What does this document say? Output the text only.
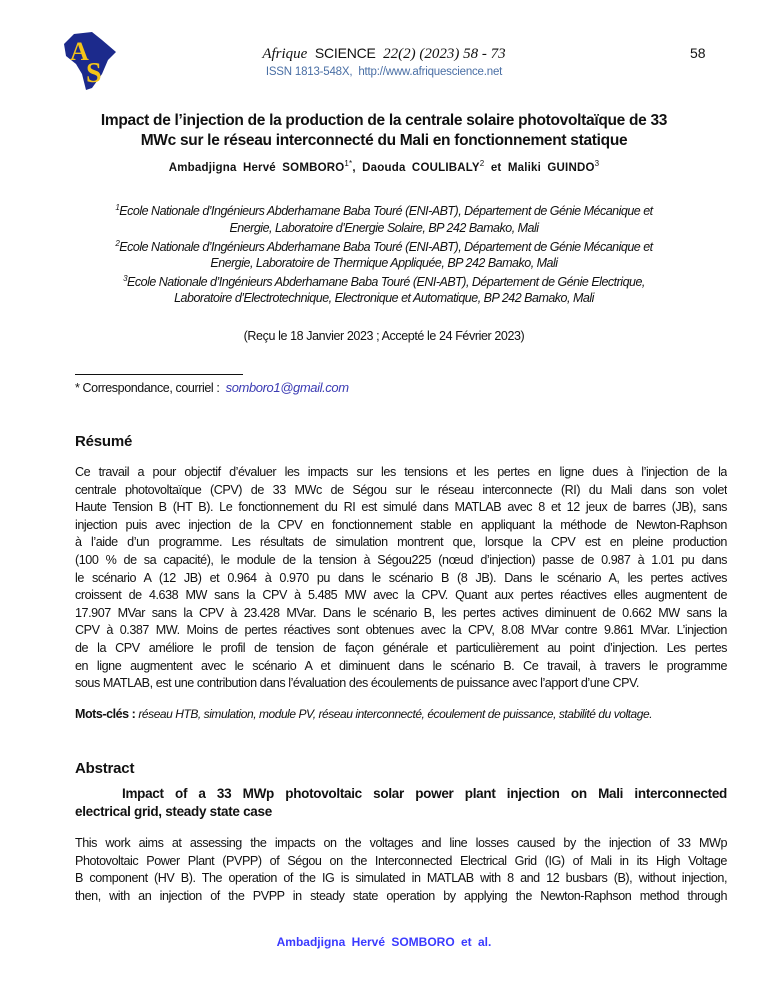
A
S
Afrique SCIENCE 22(2) (2023) 58 - 73
ISSN 1813-548X, http://www.afriquescience.net
58
Impact de l’injection de la production de la centrale solaire photovoltaïque de 33
MWc sur le réseau interconnecté du Mali en fonctionnement statique
Ambadjigna Hervé $SOMBORO^{1*}$, Daouda COULIBALY$^2$ et Maliki GUINDO$^3$
$^1$Ecole Nationale d’Ingénieurs Abderhamane Baba Touré (ENI-ABT), Département de Génie Mécanique et
Energie, Laboratoire d’Energie Solaire, BP 242 Bamako, Mali
$^2$Ecole Nationale d’Ingénieurs Abderhamane Baba Touré (ENI-ABT), Département de Génie Mécanique et
Energie, Laboratoire de Thermique Appliquée, BP 242 Bamako, Mali
$^3$Ecole Nationale d’Ingénieurs Abderhamane Baba Touré (ENI-ABT), Département de Génie Electrique,
Laboratoire d’Electrotechnique, Electronique et Automatique, BP 242 Bamako, Mali
(Reçu le 18 Janvier 2023 ; Accepté le 24 Février 2023)
* Correspondance, courriel : somboro1@gmail.com
Résumé
Ce travail a pour objectif d’évaluer les impacts sur les tensions et les pertes en ligne dues à l’injection de la
centrale photovoltaïque (CPV) de 33 MWc de Ségou sur le réseau interconnecte (RI) du Mali dans son volet
Haute Tension B (HT B). Le fonctionnement du RI est simulé dans MATLAB avec 8 et 12 jeux de barres (JB), sans
injection puis avec injection de la CPV en fonctionnement stable en appliquant la méthode de Newton-Raphson
à l’aide d’un programme. Les résultats de simulation montrent que, lorsque la CPV est en pleine production
(100 % de sa capacité), le module de la tension à Ségou225 (nœud d’injection) passe de 0.987 à 1.01 pu dans
le scénario A (12 JB) et 0.964 à 0.970 pu dans le scénario B (8 JB). Dans le scénario A, les pertes actives
croissent de 4.638 MW sans la CPV à 5.485 MW avec la CPV. Quant aux pertes réactives elles augmentent de
17.907 MVar sans la CPV à 23.428 MVar. Dans le scénario B, les pertes actives diminuent de 0.662 MW sans la
CPV à 0.387 MW. Moins de pertes réactives sont obtenues avec la CPV, 8.08 MVar contre 9.861 MVar. L’injection
de la CPV améliore le profil de tension de façon générale et particulièrement au point d’injection. Les pertes
en ligne augmentent avec le scénario A et diminuent dans le scénario B. Ce travail, à travers le programme
sous MATLAB, est une contribution dans l’évaluation des écoulements de puissance avec l’apport d’une CPV.
Mots-clés : réseau HTB, simulation, module PV, réseau interconnecté, écoulement de puissance, stabilité du voltage.
Abstract
Impact of a 33 MWp photovoltaic solar power plant injection on Mali interconnected
electrical grid, steady state case
This work aims at assessing the impacts on the voltages and line losses caused by the injection of 33 MWp
Photovoltaic Power Plant (PVPP) of Ségou on the Interconnected Electrical Grid (IG) of Mali in its High Voltage
B component (HV B). The operation of the IG is simulated in MATLAB with 8 and 12 busbars (B), without injection,
then, with an injection of the PVPP in steady state operation by applying the Newton-Raphson method through
Ambadjigna Hervé SOMBORO et al.
